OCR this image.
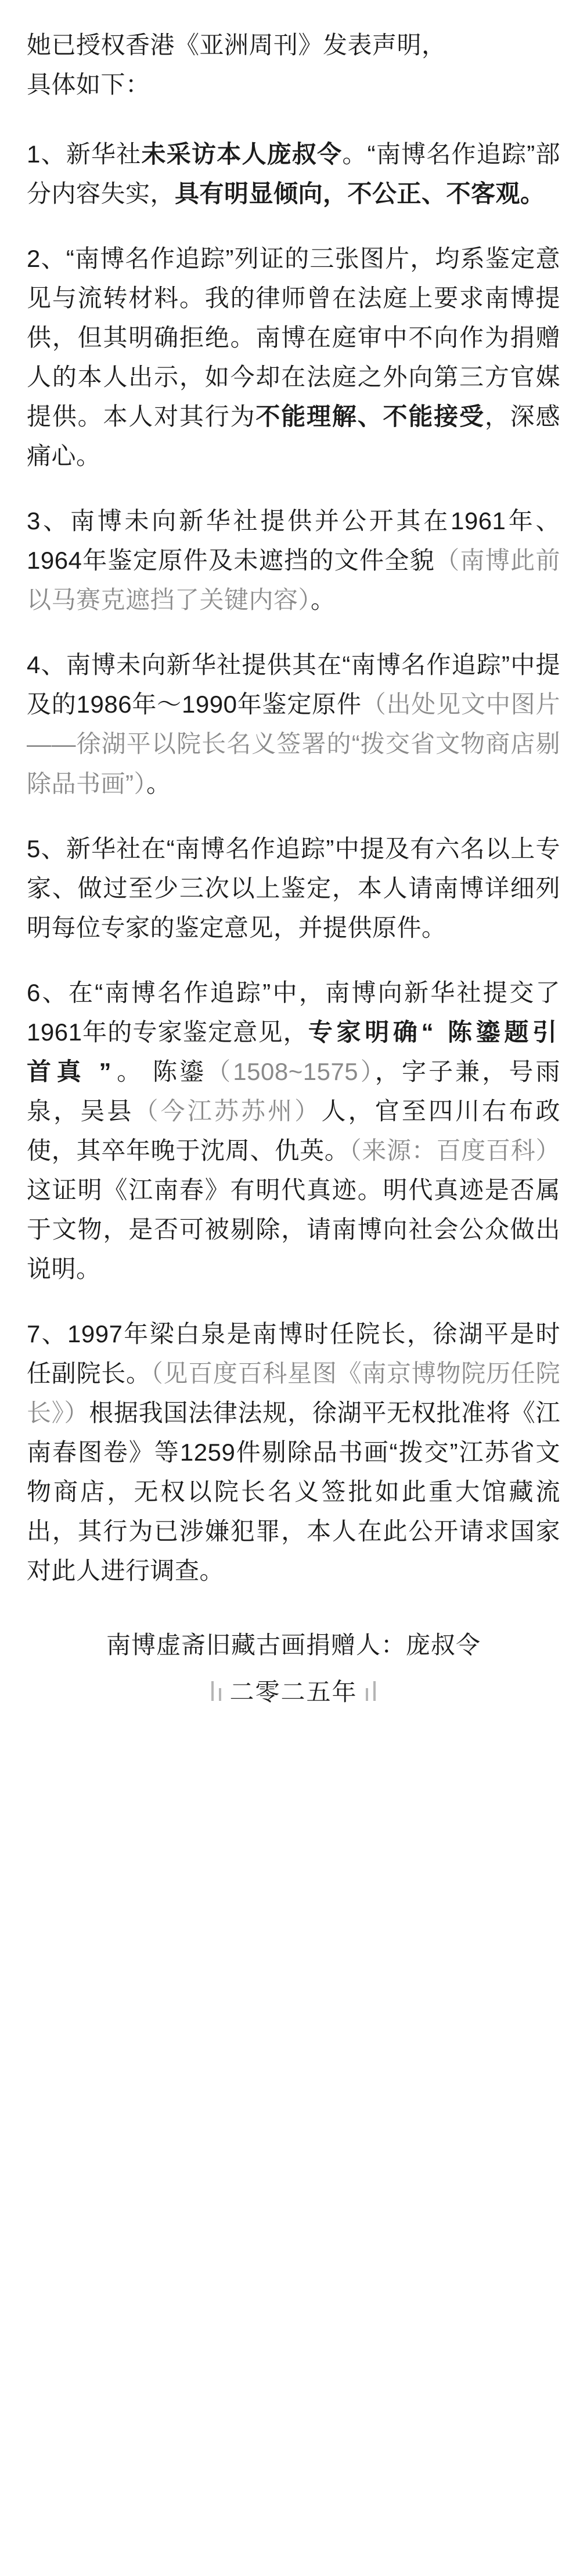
她已授权香港《亚洲周刊》发表声明，
具体如下：

1、新华社未采访本人庞叔令。“南博名作追踪”部分内容失实，具有明显倾向，不公正、不客观。

2、“南博名作追踪”列证的三张图片，均系鉴定意见与流转材料。我的律师曾在法庭上要求南博提供，但其明确拒绝。南博在庭审中不向作为捐赠人的本人出示，如今却在法庭之外向第三方官媒提供。本人对其行为不能理解、不能接受，深感痛心。

3、南博未向新华社提供并公开其在1961年、1964年鉴定原件及未遮挡的文件全貌（南博此前以马赛克遮挡了关键内容）。

4、南博未向新华社提供其在“南博名作追踪”中提及的1986年～1990年鉴定原件（出处见文中图片——徐湖平以院长名义签署的“拨交省文物商店剔除品书画”）。

5、新华社在“南博名作追踪”中提及有六名以上专家、做过至少三次以上鉴定，本人请南博详细列明每位专家的鉴定意见，并提供原件。

6、在“南博名作追踪”中，南博向新华社提交了1961年的专家鉴定意见，专家明确“ 陈鎏题引首真 ”。 陈鎏（1508~1575），字子兼，号雨泉，吴县（今江苏苏州）人，官至四川右布政使，其卒年晚于沈周、仇英。（来源：百度百科）这证明《江南春》有明代真迹。明代真迹是否属于文物，是否可被剔除，请南博向社会公众做出说明。

7、1997年梁白泉是南博时任院长，徐湖平是时任副院长。（见百度百科星图《南京博物院历任院长》）根据我国法律法规，徐湖平无权批准将《江南春图卷》等1259件剔除品书画“拨交”江苏省文物商店，无权以院长名义签批如此重大馆藏流出，其行为已涉嫌犯罪，本人在此公开请求国家对此人进行调查。

南博虚斋旧藏古画捐赠人：庞叔令
二零二五年
